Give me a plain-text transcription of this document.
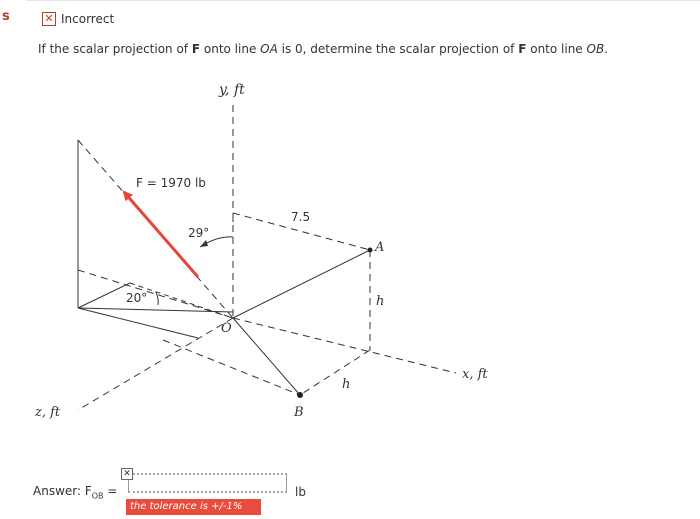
s	✕ Incorrect
If the scalar projection of F onto line OA is 0, determine the scalar projection of F onto line OB.
y, ft
x, ft
z, ft
F = 1970 lb
29°
20°
7.5
A
B
O
h
h
Answer: $F_{OB}$ =
✕
lb
the tolerance is +/-1%
